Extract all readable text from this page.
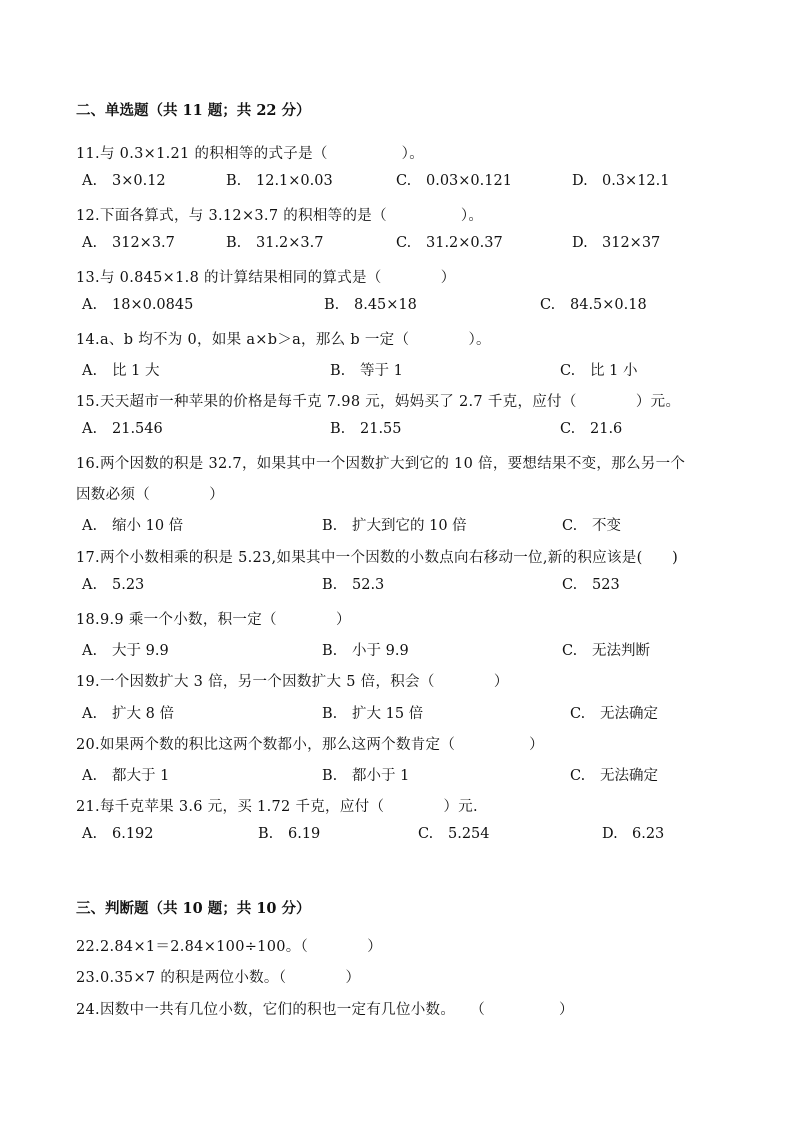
二、单选题（共 11 题；共 22 分）
11.与 0.3×1.21 的积相等的式子是（　　　　　）。
A. 3×0.12	B. 12.1×0.03	C. 0.03×0.121	D. 0.3×12.1
12.下面各算式，与 3.12×3.7 的积相等的是（　　　　　）。
A. 312×3.7	B. 31.2×3.7	C. 31.2×0.37	D. 312×37
13.与 0.845×1.8 的计算结果相同的算式是（　　　　）
A. 18×0.0845	B. 8.45×18	C. 84.5×0.18
14.a、b 均不为 0，如果 a×b＞a，那么 b 一定（　　　　）。
A. 比 1 大	B. 等于 1	C. 比 1 小
15.天天超市一种苹果的价格是每千克 7.98 元，妈妈买了 2.7 千克，应付（　　　　）元。
A. 21.546	B. 21.55	C. 21.6
16.两个因数的积是 32.7，如果其中一个因数扩大到它的 10 倍，要想结果不变，那么另一个
因数必须（　　　　）
A. 缩小 10 倍	B. 扩大到它的 10 倍	C. 不变
17.两个小数相乘的积是 5.23,如果其中一个因数的小数点向右移动一位,新的积应该是(　　)
A. 5.23	B. 52.3	C. 523
18.9.9 乘一个小数，积一定（　　　　）
A. 大于 9.9	B. 小于 9.9	C. 无法判断
19.一个因数扩大 3 倍，另一个因数扩大 5 倍，积会（　　　　）
A. 扩大 8 倍	B. 扩大 15 倍	C. 无法确定
20.如果两个数的积比这两个数都小，那么这两个数肯定（　　　　　）
A. 都大于 1	B. 都小于 1	C. 无法确定
21.每千克苹果 3.6 元，买 1.72 千克，应付（　　　　）元.
A. 6.192	B. 6.19	C. 5.254	D. 6.23
三、判断题（共 10 题；共 10 分）
22.2.84×1＝2.84×100÷100。（　　　　）
23.0.35×7 的积是两位小数。（　　　　）
24.因数中一共有几位小数，它们的积也一定有几位小数。　　（　　　　　）
